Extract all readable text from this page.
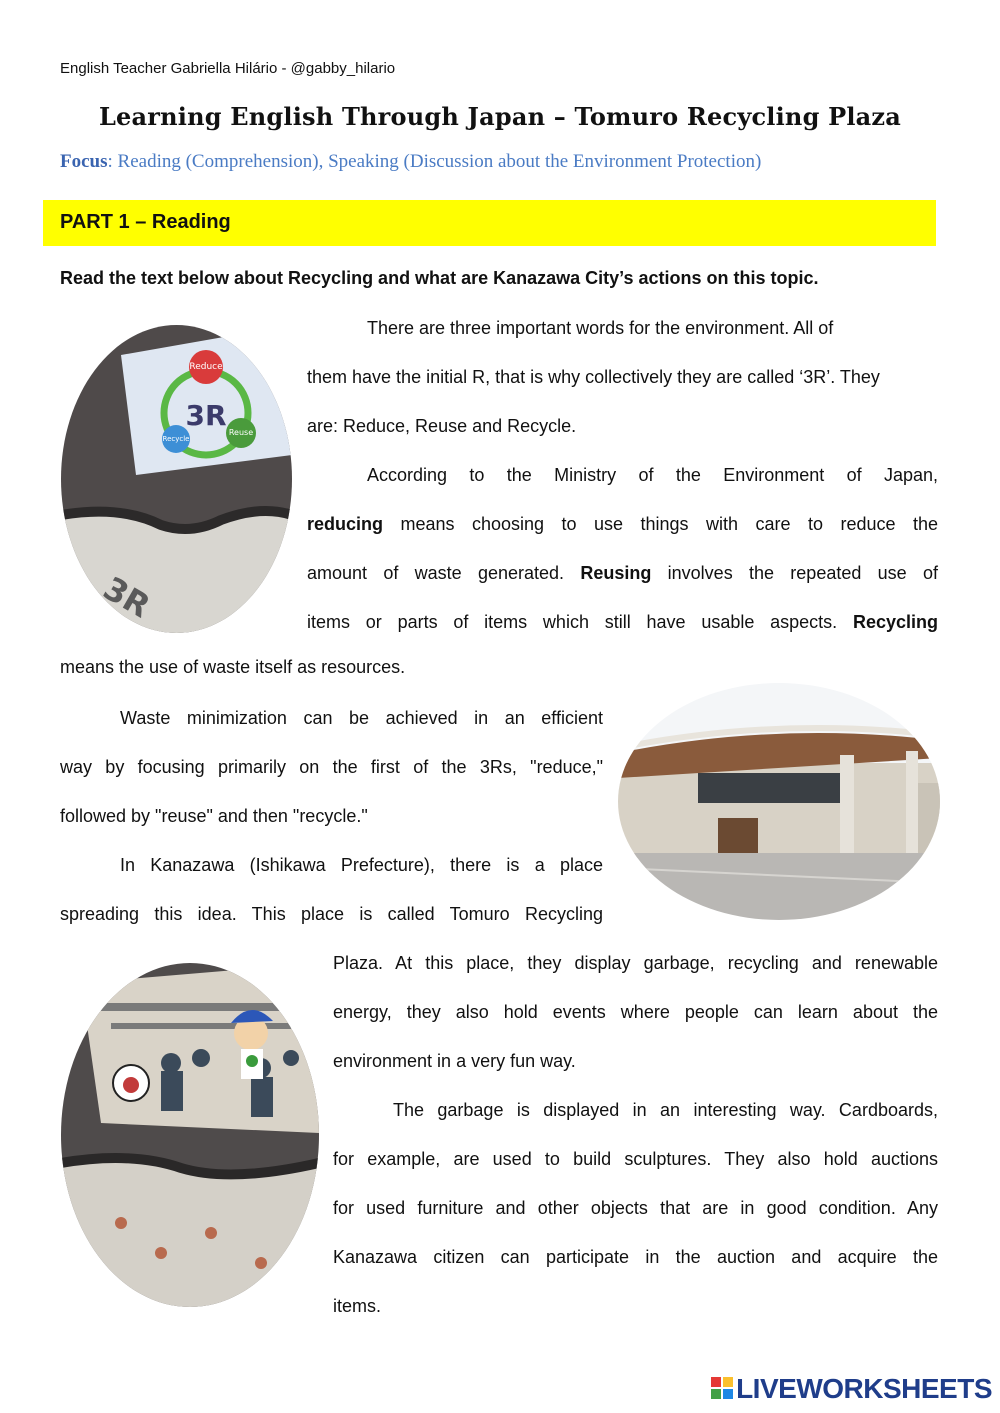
English Teacher Gabriella Hilário - @gabby_hilario
Learning English Through Japan – Tomuro Recycling Plaza
Focus: Reading (Comprehension), Speaking (Discussion about the Environment Protection)
PART 1 – Reading
Read the text below about Recycling and what are Kanazawa City’s actions on this topic.
Reduce
Reuse
Recycle
3R
3R

There are three important words for the environment. All of

them have the initial R, that is why collectively they are called ‘3R’. They

are: Reduce, Reuse and Recycle.

According to the Ministry of the Environment of Japan,

reducing means choosing to use things with care to reduce the

amount of waste generated. Reusing involves the repeated use of

items or parts of items which still have usable aspects. Recycling

means the use of waste itself as resources.

Waste minimization can be achieved in an efficient

way by focusing primarily on the first of the 3Rs, "reduce,"

followed by "reuse" and then "recycle."

In Kanazawa (Ishikawa Prefecture), there is a place

spreading this idea. This place is called Tomuro Recycling

Plaza. At this place, they display garbage, recycling and renewable

energy, they also hold events where people can learn about the

environment in a very fun way.

The garbage is displayed in an interesting way. Cardboards,

for example, are used to build sculptures. They also hold auctions

for used furniture and other objects that are in good condition. Any

Kanazawa citizen can participate in the auction and acquire the

items.

LIVEWORKSHEETS
